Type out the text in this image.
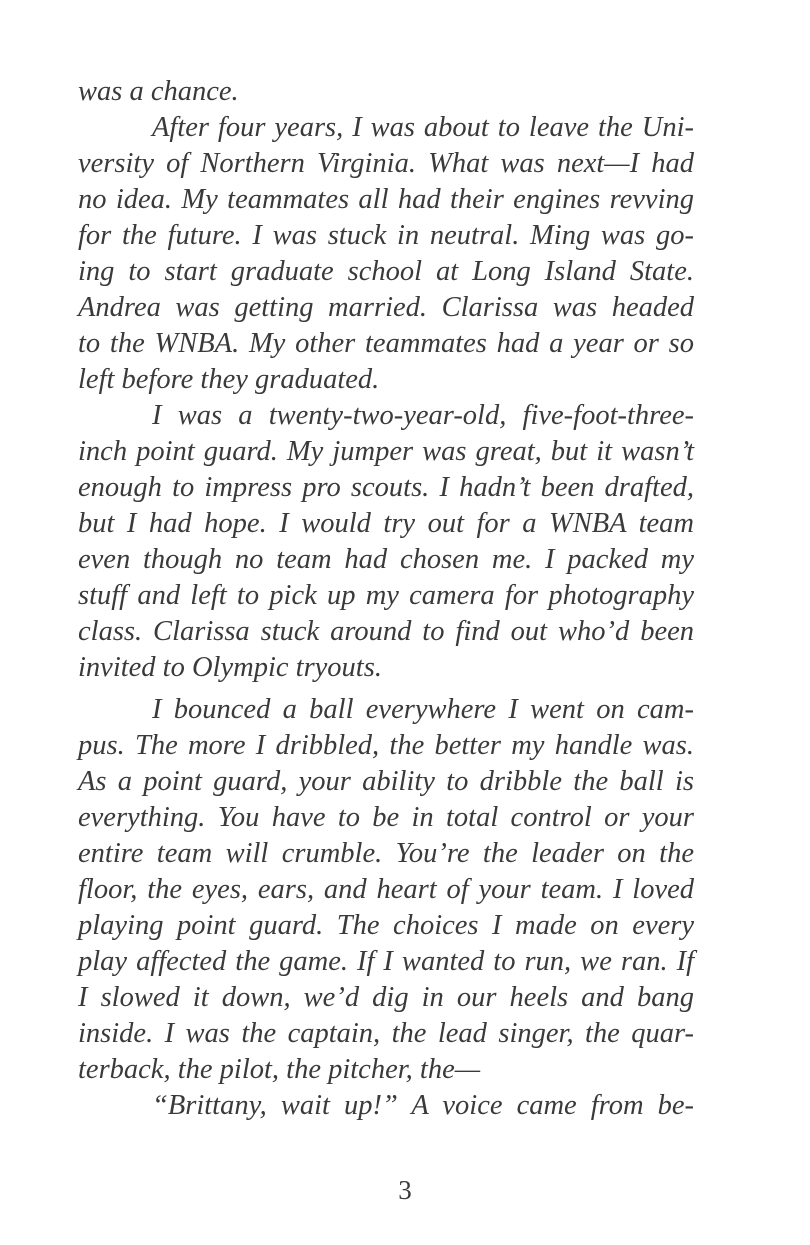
was a chance.
After four years, I was about to leave the Uni-
versity of Northern Virginia. What was next—I had
no idea. My teammates all had their engines revving
for the future. I was stuck in neutral. Ming was go-
ing to start graduate school at Long Island State.
Andrea was getting married. Clarissa was headed
to the WNBA. My other teammates had a year or so
left before they graduated.
I was a twenty-two-year-old, five-foot-three-
inch point guard. My jumper was great, but it wasn’t
enough to impress pro scouts. I hadn’t been drafted,
but I had hope. I would try out for a WNBA team
even though no team had chosen me. I packed my
stuff and left to pick up my camera for photography
class. Clarissa stuck around to find out who’d been
invited to Olympic tryouts.
I bounced a ball everywhere I went on cam-
pus. The more I dribbled, the better my handle was.
As a point guard, your ability to dribble the ball is
everything. You have to be in total control or your
entire team will crumble. You’re the leader on the
floor, the eyes, ears, and heart of your team. I loved
playing point guard. The choices I made on every
play affected the game. If I wanted to run, we ran. If
I slowed it down, we’d dig in our heels and bang
inside. I was the captain, the lead singer, the quar-
terback, the pilot, the pitcher, the—
“Brittany, wait up!” A voice came from be-
3
